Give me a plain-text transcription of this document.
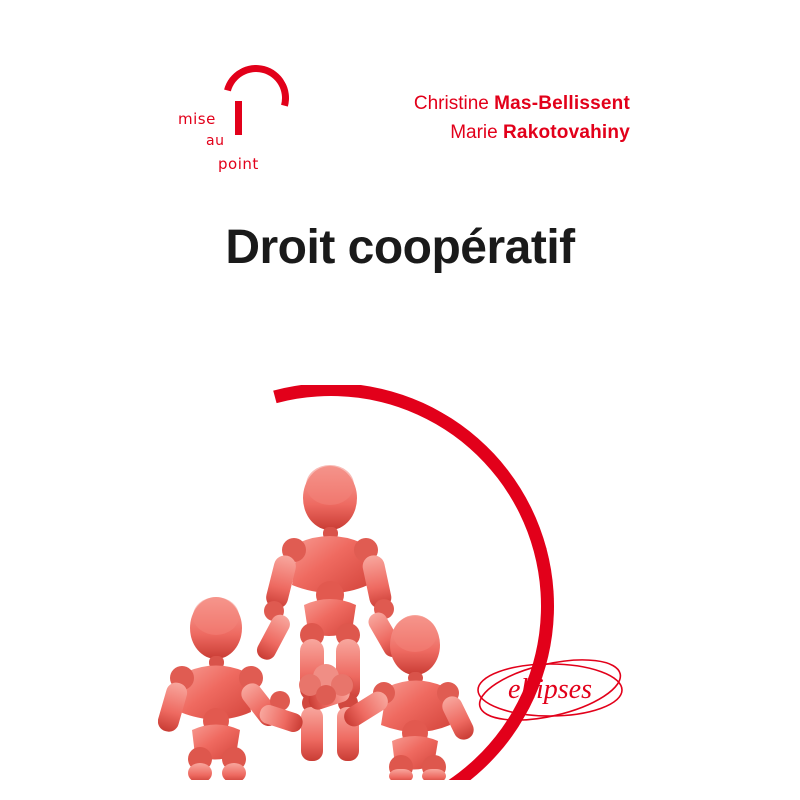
mise
au
point
Christine Mas-Bellissent
Marie Rakotovahiny
Droit coopératif
ellipses
